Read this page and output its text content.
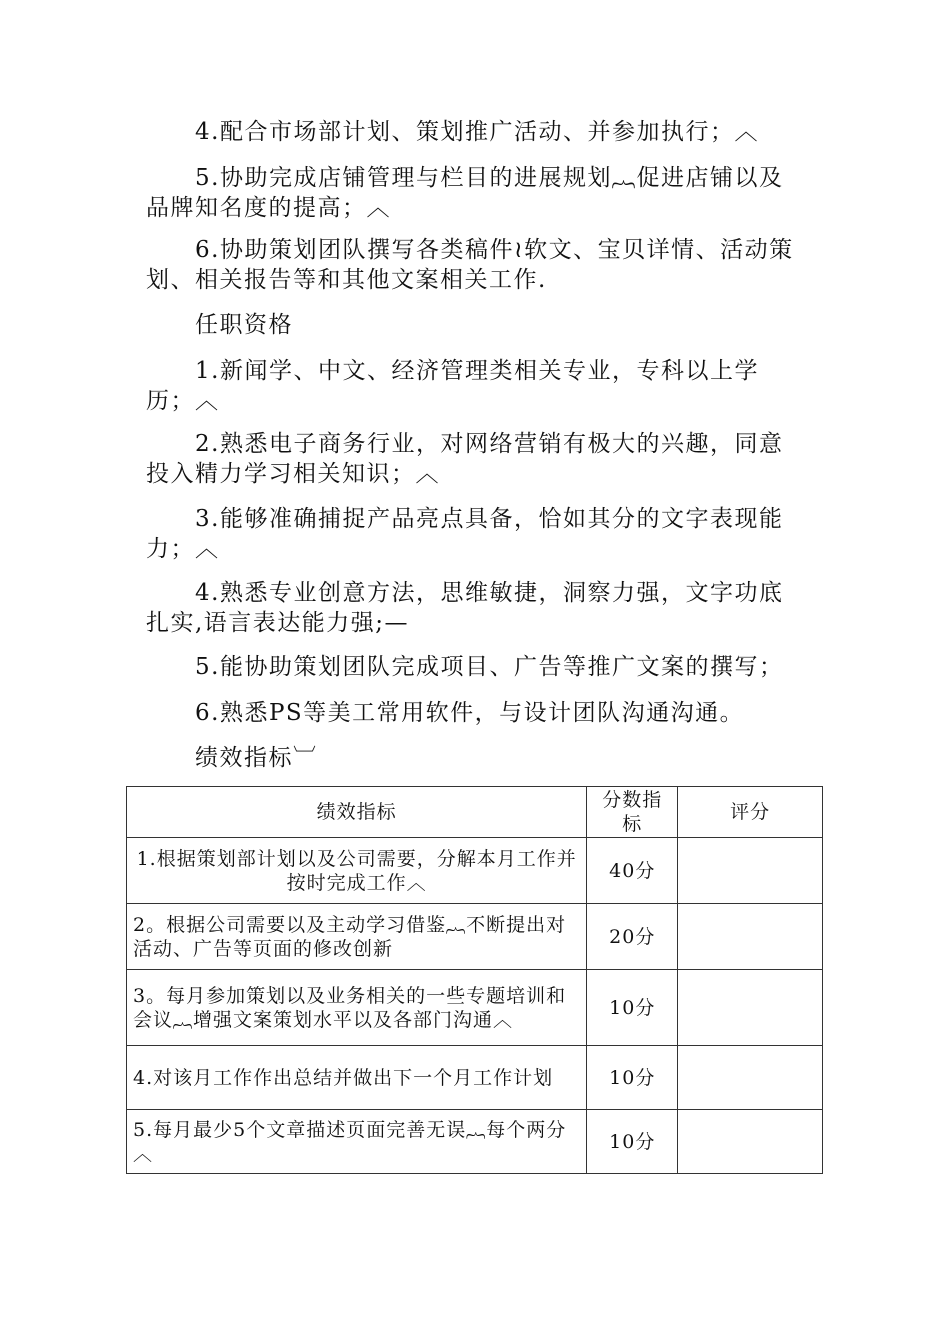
4.配合市场部计划、策划推广活动、并参加执行；︿

5.协助完成店铺管理与栏目的进展规划︷促进店铺以及品牌知名度的提高；︿

6.协助策划团队撰写各类稿件≀软文、宝贝详情、活动策划、相关报告等和其他文案相关工作.

任职资格

1.新闻学、中文、经济管理类相关专业，专科以上学历；︿

2.熟悉电子商务行业，对网络营销有极大的兴趣，同意投入精力学习相关知识；︿

3.能够准确捕捉产品亮点具备，恰如其分的文字表现能力；︿

4.熟悉专业创意方法，思维敏捷，洞察力强，文字功底扎实,语言表达能力强;—

5.能协助策划团队完成项目、广告等推广文案的撰写；

6.熟悉PS等美工常用软件，与设计团队沟通沟通。

绩效指标︺

绩效指标	分数指标	评分
1.根据策划部计划以及公司需要，分解本月工作并按时完成工作︿	40分	
2。根据公司需要以及主动学习借鉴︷不断提出对活动、广告等页面的修改创新	20分	
3。每月参加策划以及业务相关的一些专题培训和会议︷增强文案策划水平以及各部门沟通︿	10分	
4.对该月工作作出总结并做出下一个月工作计划	10分	
5.每月最少5个文章描述页面完善无误︷每个两分︿	10分	
